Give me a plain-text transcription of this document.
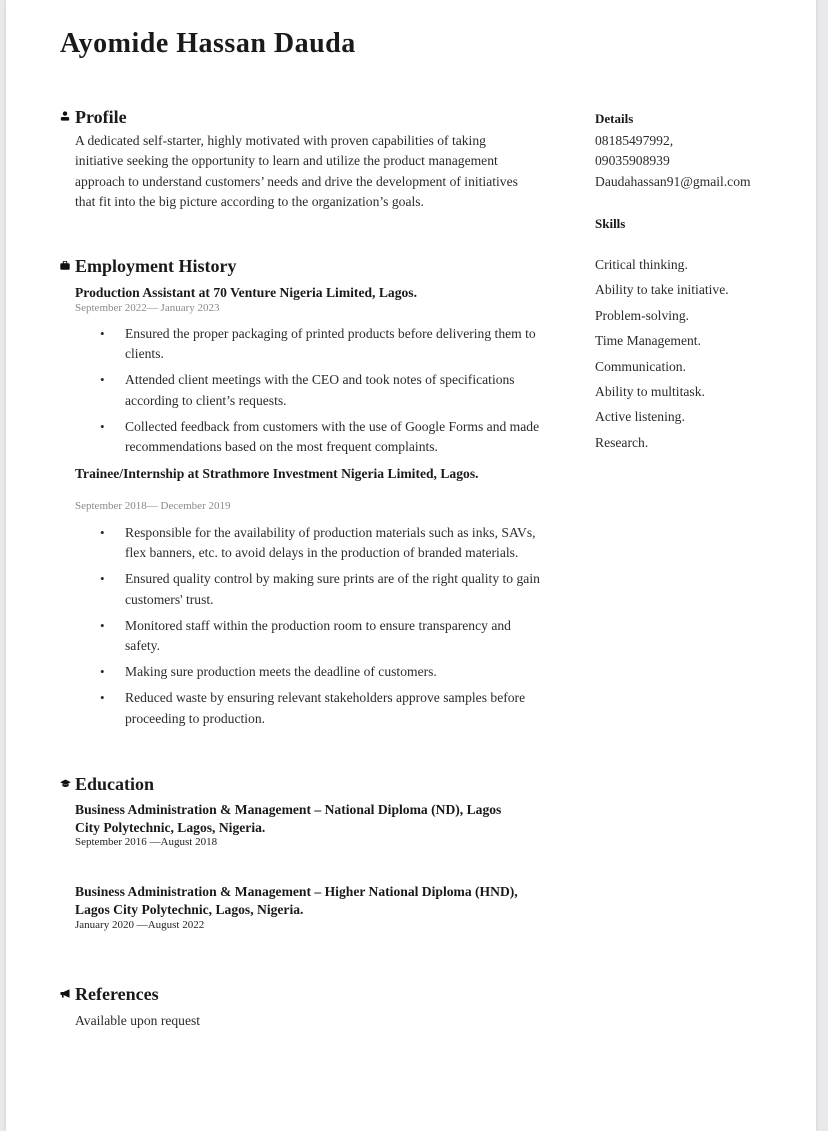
Ayomide Hassan Dauda
Profile
A dedicated self-starter, highly motivated with proven capabilities of taking initiative seeking the opportunity to learn and utilize the product management approach to understand customers’ needs and drive the development of initiatives that fit into the big picture according to the organization’s goals.
Employment History
Production Assistant at 70 Venture Nigeria Limited, Lagos.
September 2022— January 2023
• Ensured the proper packaging of printed products before delivering them to clients.
• Attended client meetings with the CEO and took notes of specifications according to client’s requests.
• Collected feedback from customers with the use of Google Forms and made recommendations based on the most frequent complaints.
Trainee/Internship at Strathmore Investment Nigeria Limited, Lagos.
September 2018— December 2019
• Responsible for the availability of production materials such as inks, SAVs, flex banners, etc. to avoid delays in the production of branded materials.
• Ensured quality control by making sure prints are of the right quality to gain customers' trust.
• Monitored staff within the production room to ensure transparency and safety.
• Making sure production meets the deadline of customers.
• Reduced waste by ensuring relevant stakeholders approve samples before proceeding to production.
Education
Business Administration & Management – National Diploma (ND), Lagos City Polytechnic, Lagos, Nigeria.
September 2016 —August 2018
Business Administration & Management – Higher National Diploma (HND), Lagos City Polytechnic, Lagos, Nigeria.
January 2020 —August 2022
References
Available upon request
Details
08185497992,
09035908939
Daudahassan91@gmail.com
Skills
Critical thinking.
Ability to take initiative.
Problem-solving.
Time Management.
Communication.
Ability to multitask.
Active listening.
Research.
